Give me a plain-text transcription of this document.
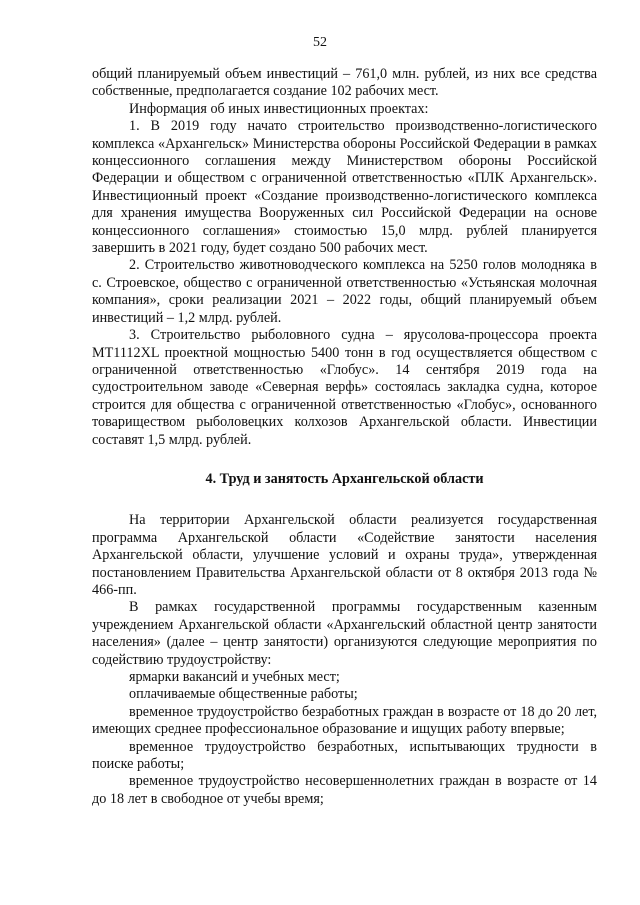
52

общий планируемый объем инвестиций – 761,0 млн. рублей, из них все средства собственные, предполагается создание 102 рабочих мест.

Информация об иных инвестиционных проектах:

1. В 2019 году начато строительство производственно-логистического комплекса «Архангельск» Министерства обороны Российской Федерации в рамках концессионного соглашения между Министерством обороны Российской Федерации и обществом с ограниченной ответственностью «ПЛК Архангельск». Инвестиционный проект «Создание производственно-логистического комплекса для хранения имущества Вооруженных сил Российской Федерации на основе концессионного соглашения» стоимостью 15,0 млрд. рублей планируется завершить в 2021 году, будет создано 500 рабочих мест.

2. Строительство животноводческого комплекса на 5250 голов молодняка в с. Строевское, общество с ограниченной ответственностью «Устьянская молочная компания», сроки реализации 2021 – 2022 годы, общий планируемый объем инвестиций – 1,2 млрд. рублей.

3. Строительство рыболовного судна – ярусолова-процессора проекта MT1112XL проектной мощностью 5400 тонн в год осуществляется обществом с ограниченной ответственностью «Глобус». 14 сентября 2019 года на судостроительном заводе «Северная верфь» состоялась закладка судна, которое строится для общества с ограниченной ответственностью «Глобус», основанного товариществом рыболовецких колхозов Архангельской области. Инвестиции составят 1,5 млрд. рублей.

4. Труд и занятость Архангельской области

На территории Архангельской области реализуется государственная программа Архангельской области «Содействие занятости населения Архангельской области, улучшение условий и охраны труда», утвержденная постановлением Правительства Архангельской области от 8 октября 2013 года № 466-пп.

В рамках государственной программы государственным казенным учреждением Архангельской области «Архангельский областной центр занятости населения» (далее – центр занятости) организуются следующие мероприятия по содействию трудоустройству:

ярмарки вакансий и учебных мест;

оплачиваемые общественные работы;

временное трудоустройство безработных граждан в возрасте от 18 до 20 лет, имеющих среднее профессиональное образование и ищущих работу впервые;

временное трудоустройство безработных, испытывающих трудности в поиске работы;

временное трудоустройство несовершеннолетних граждан в возрасте от 14 до 18 лет в свободное от учебы время;
